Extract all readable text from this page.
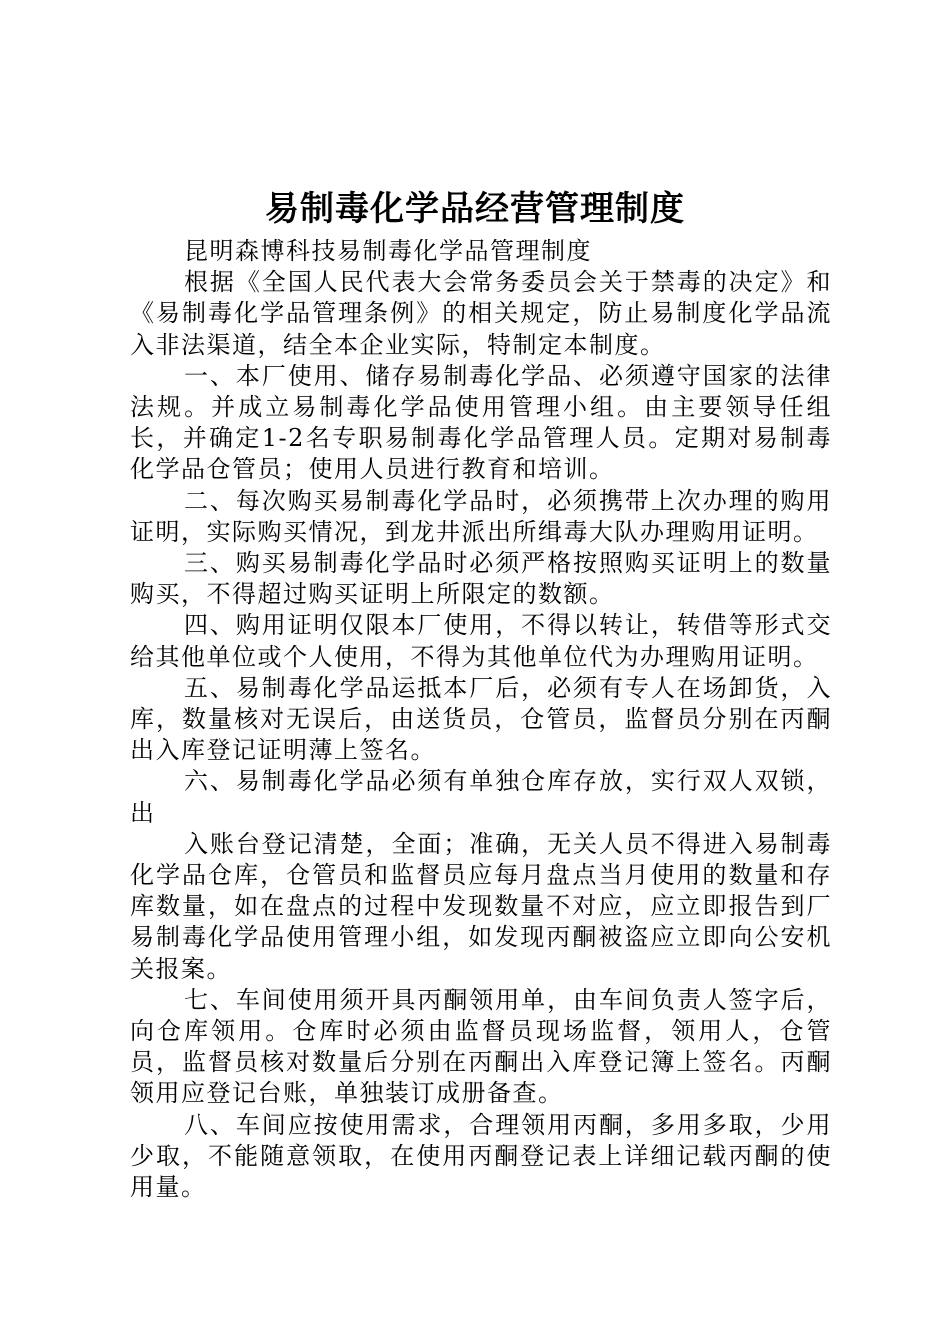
易制毒化学品经营管理制度

昆明森博科技易制毒化学品管理制度

根据《全国人民代表大会常务委员会关于禁毒的决定》和《易制毒化学品管理条例》的相关规定，防止易制度化学品流入非法渠道，结全本企业实际，特制定本制度。

一、本厂使用、储存易制毒化学品、必须遵守国家的法律法规。并成立易制毒化学品使用管理小组。由主要领导任组长，并确定1-2名专职易制毒化学品管理人员。定期对易制毒化学品仓管员；使用人员进行教育和培训。

二、每次购买易制毒化学品时，必须携带上次办理的购用证明，实际购买情况，到龙井派出所缉毒大队办理购用证明。

三、购买易制毒化学品时必须严格按照购买证明上的数量购买，不得超过购买证明上所限定的数额。

四、购用证明仅限本厂使用，不得以转让，转借等形式交给其他单位或个人使用，不得为其他单位代为办理购用证明。

五、易制毒化学品运抵本厂后，必须有专人在场卸货，入库，数量核对无误后，由送货员，仓管员，监督员分别在丙酮出入库登记证明薄上签名。

六、易制毒化学品必须有单独仓库存放，实行双人双锁，出

入账台登记清楚，全面；准确，无关人员不得进入易制毒化学品仓库，仓管员和监督员应每月盘点当月使用的数量和存库数量，如在盘点的过程中发现数量不对应，应立即报告到厂易制毒化学品使用管理小组，如发现丙酮被盗应立即向公安机关报案。

七、车间使用须开具丙酮领用单，由车间负责人签字后，向仓库领用。仓库时必须由监督员现场监督，领用人，仓管员，监督员核对数量后分别在丙酮出入库登记簿上签名。丙酮领用应登记台账，单独装订成册备查。

八、车间应按使用需求，合理领用丙酮，多用多取，少用少取，不能随意领取，在使用丙酮登记表上详细记载丙酮的使用量。
